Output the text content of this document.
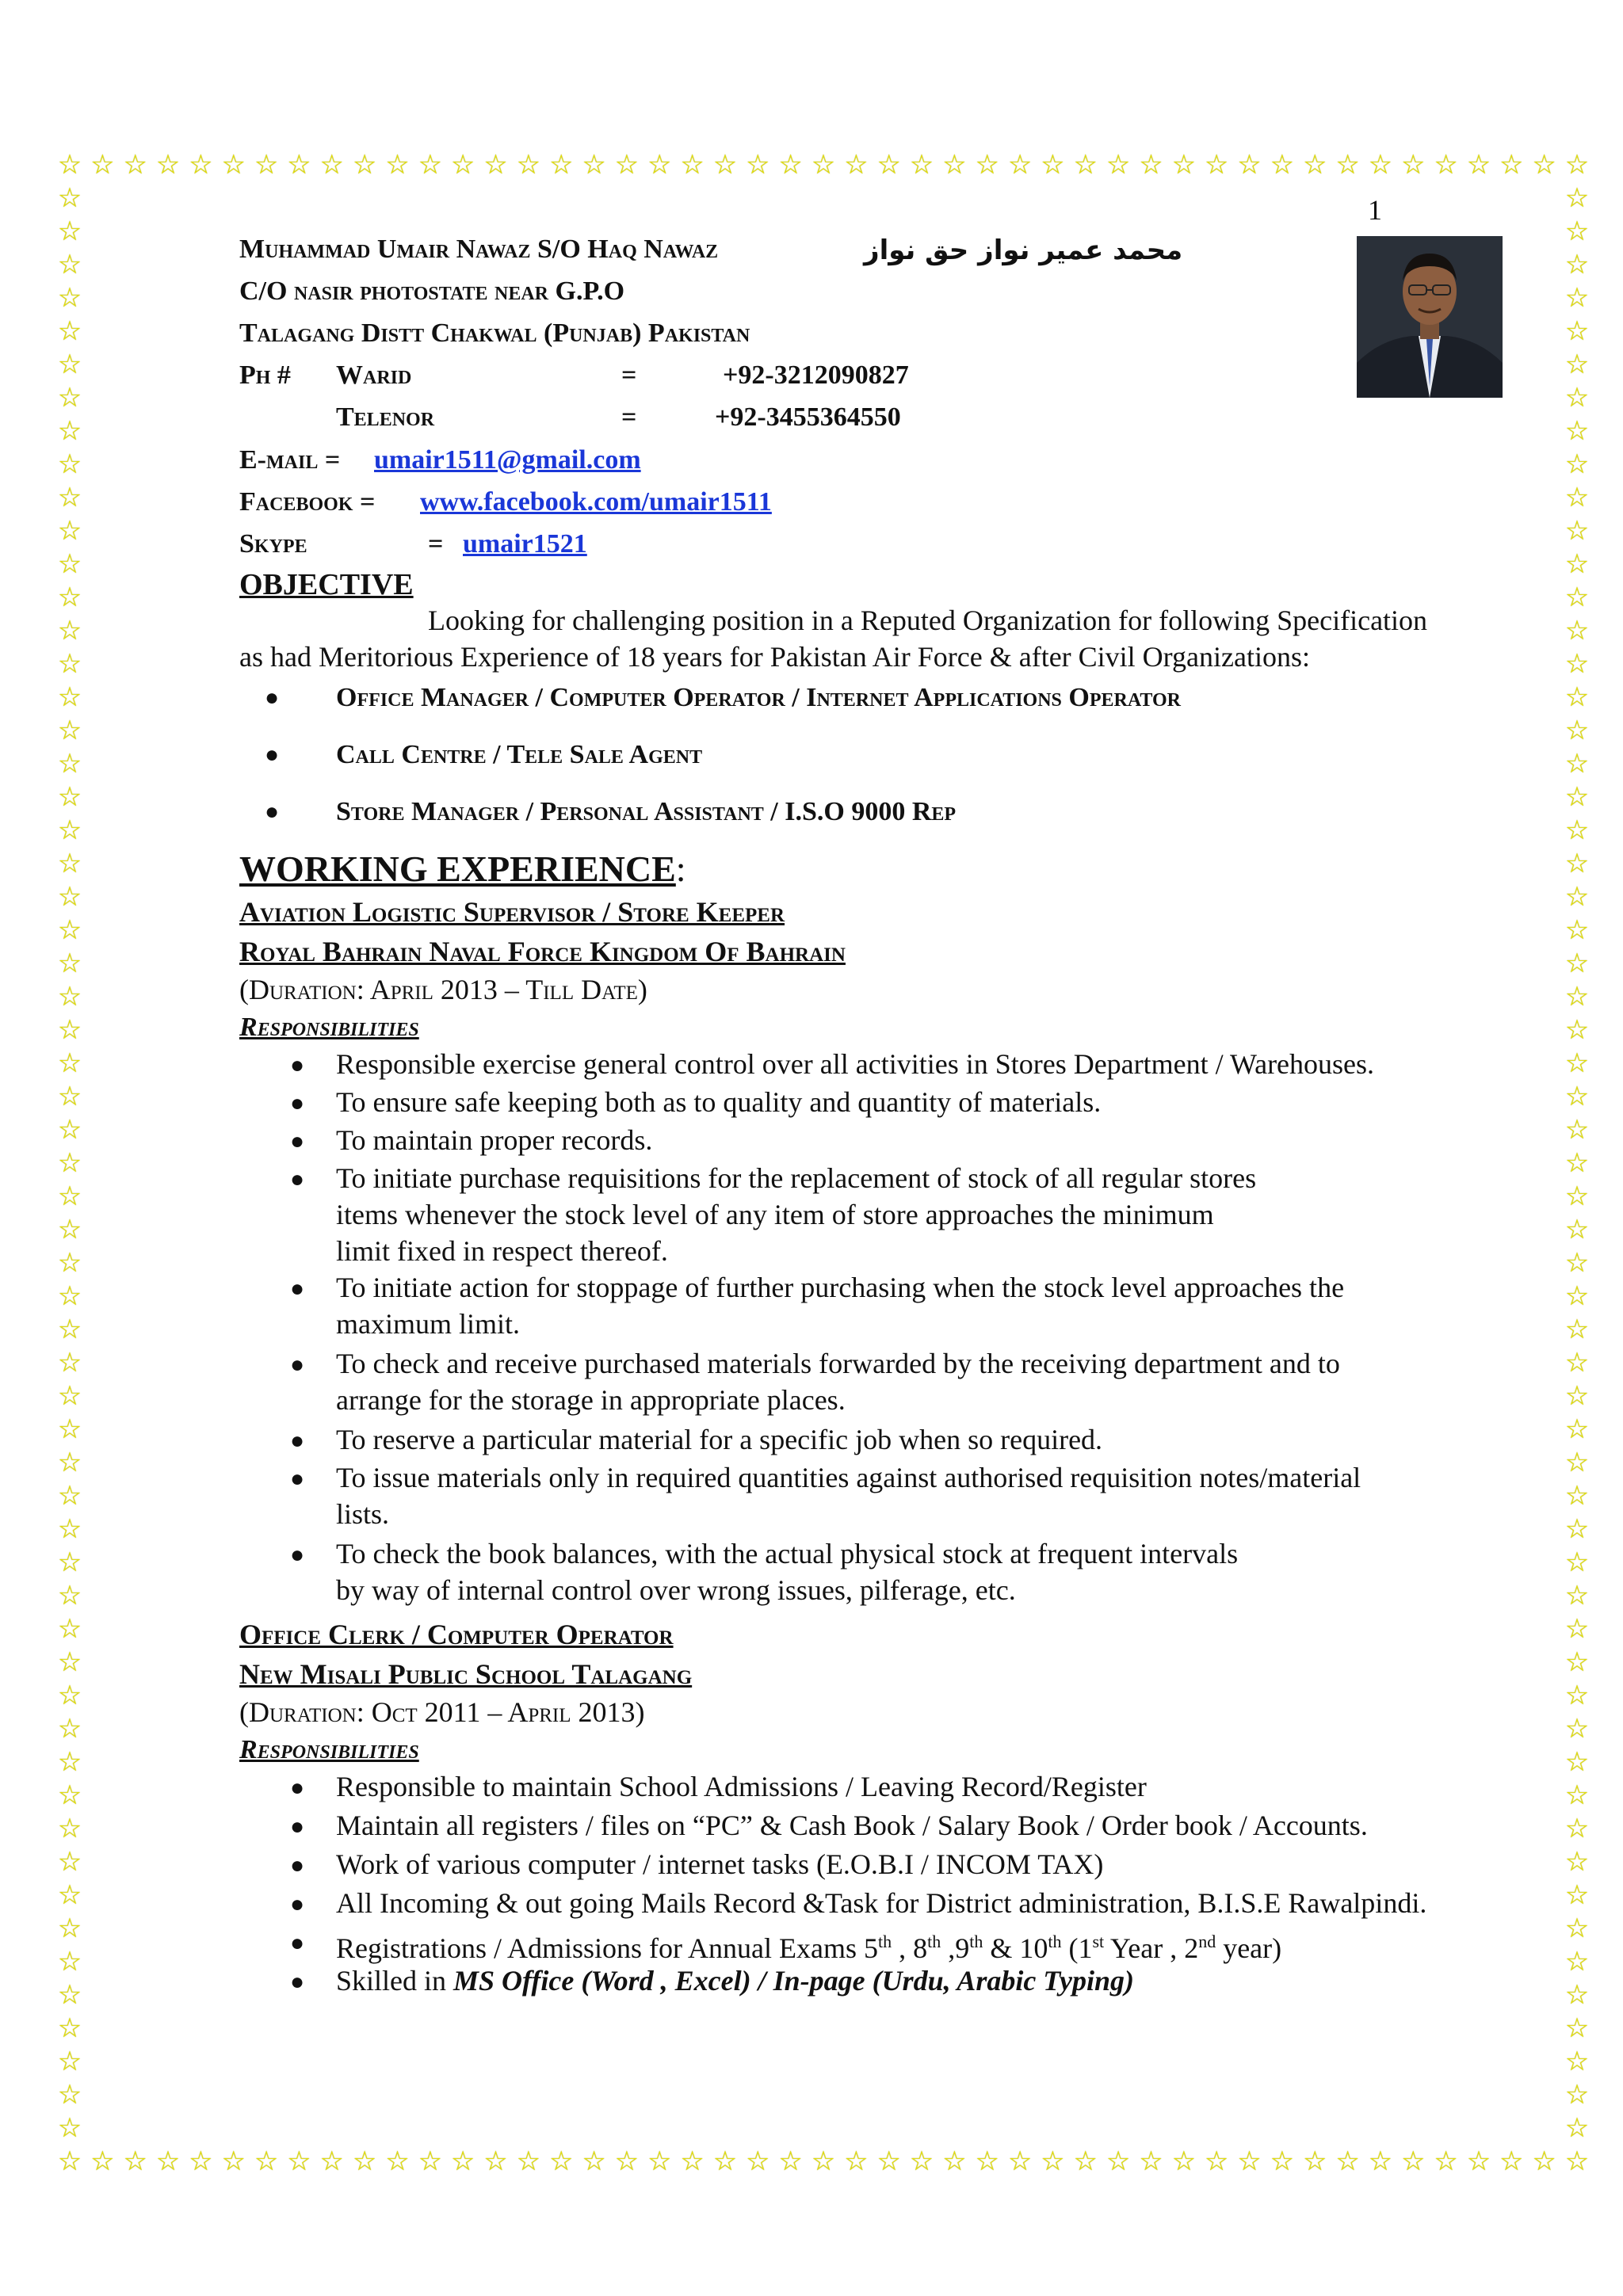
☆
☆
☆
☆
☆
☆
☆
☆
☆
☆
☆
☆
☆
☆
☆
☆
☆
☆
☆
☆
☆
☆
☆
☆
☆
☆
☆
☆
☆
☆
☆
☆
☆
☆
☆
☆
☆
☆
☆
☆
☆
☆
☆
☆
☆
☆
☆
☆
☆
☆
☆
☆
☆
☆
☆
☆
☆
☆
☆
☆
☆
☆
☆
☆
☆
☆
☆
☆
☆
☆
☆
☆
☆
☆
☆
☆
☆
☆
☆
☆
☆
☆
☆
☆
☆
☆
☆
☆
☆
☆
☆
☆
☆
☆
☆	☆
☆	☆
☆	☆
☆	☆
☆	☆
☆	☆
☆	☆
☆	☆
☆	☆
☆	☆
☆	☆
☆	☆
☆	☆
☆	☆
☆	☆
☆	☆
☆	☆
☆	☆
☆	☆
☆	☆
☆	☆
☆	☆
☆	☆
☆	☆
☆	☆
☆	☆
☆	☆
☆	☆
☆	☆
☆	☆
☆	☆
☆	☆
☆	☆
☆	☆
☆	☆
☆	☆
☆	☆
☆	☆
☆	☆
☆	☆
☆	☆
☆	☆
☆	☆
☆	☆
☆	☆
☆	☆
☆	☆
☆	☆
☆	☆
☆	☆
☆	☆
☆	☆
☆	☆
☆	☆
☆	☆
☆	☆
☆	☆
☆	☆
☆	☆
1
Muhammad Umair Nawaz S/O Haq Nawaz	محمد عمیر نواز حق نواز
C/O nasir photostate near G.P.O
Talagang Distt Chakwal (Punjab) Pakistan
Ph # Warid	=	+92-3212090827
Telenor	=	+92-3455364550
E-mail = umair1511@gmail.com
Facebook = www.facebook.com/umair1511
Skype	= umair1521
OBJECTIVE
Looking for challenging position in a Reputed Organization for following Specification
as had Meritorious Experience of 18 years for Pakistan Air Force & after Civil Organizations:
● Office Manager / Computer Operator / Internet Applications Operator
● Call Centre / Tele Sale Agent
● Store Manager / Personal Assistant / I.S.O 9000 Rep
WORKING EXPERIENCE:
Aviation Logistic Supervisor / Store Keeper
Royal Bahrain Naval Force Kingdom Of Bahrain
(Duration: April 2013 – Till Date)
Responsibilities
● Responsible exercise general control over all activities in Stores Department / Warehouses.
● To ensure safe keeping both as to quality and quantity of materials.
● To maintain proper records.
● To initiate purchase requisitions for the replacement of stock of all regular stores
items whenever the stock level of any item of store approaches the minimum
limit fixed in respect thereof.
● To initiate action for stoppage of further purchasing when the stock level approaches the
maximum limit.
● To check and receive purchased materials forwarded by the receiving department and to
arrange for the storage in appropriate places.
● To reserve a particular material for a specific job when so required.
● To issue materials only in required quantities against authorised requisition notes/material
lists.
● To check the book balances, with the actual physical stock at frequent intervals
by way of internal control over wrong issues, pilferage, etc.
Office Clerk / Computer Operator
New Misali Public School Talagang
(Duration: Oct 2011 – April 2013)
Responsibilities
● Responsible to maintain School Admissions / Leaving Record/Register
● Maintain all registers / files on “PC” & Cash Book / Salary Book / Order book / Accounts.
● Work of various computer / internet tasks (E.O.B.I / INCOM TAX)
● All Incoming & out going Mails Record &Task for District administration, B.I.S.E Rawalpindi.
● Registrations / Admissions for Annual Exams 5th , 8th ,9th & 10th (1st Year , 2nd year)
● Skilled in MS Office (Word , Excel) / In-page (Urdu, Arabic Typing)
